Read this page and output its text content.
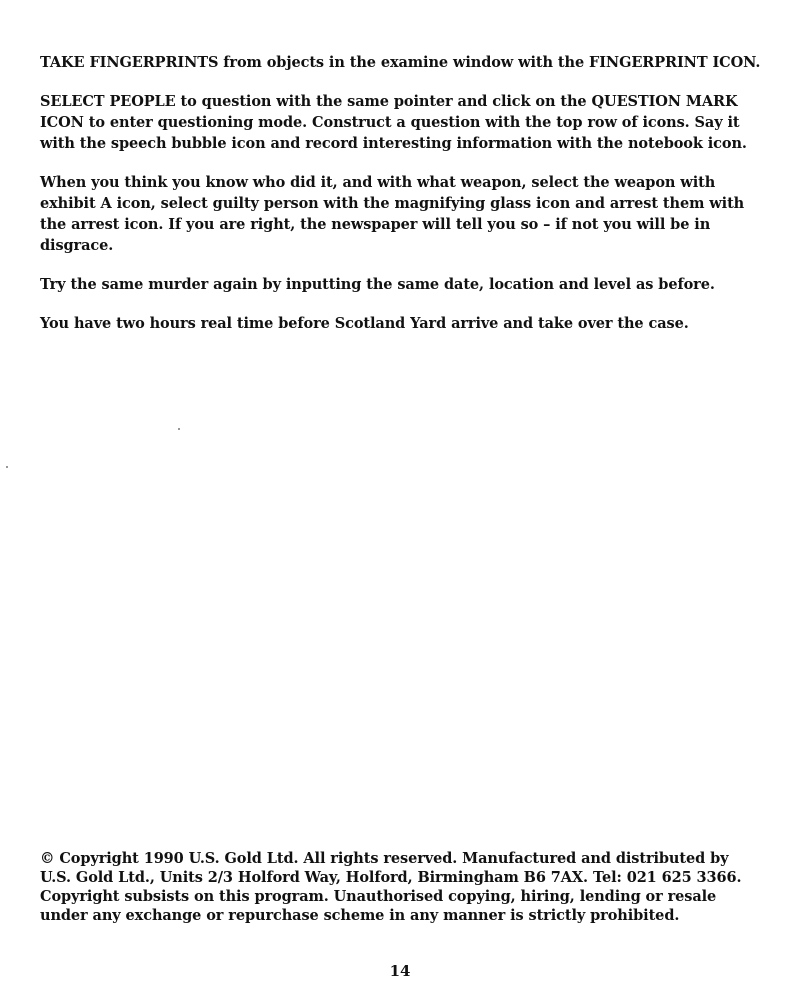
TAKE FINGERPRINTS from objects in the examine window with the FINGERPRINT ICON.

SELECT PEOPLE to question with the same pointer and click on the QUESTION MARK ICON to enter questioning mode. Construct a question with the top row of icons. Say it with the speech bubble icon and record interesting information with the notebook icon.

When you think you know who did it, and with what weapon, select the weapon with exhibit A icon, select guilty person with the magnifying glass icon and arrest them with the arrest icon. If you are right, the newspaper will tell you so – if not you will be in disgrace.

Try the same murder again by inputting the same date, location and level as before.

You have two hours real time before Scotland Yard arrive and take over the case.

© Copyright 1990 U.S. Gold Ltd. All rights reserved. Manufactured and distributed by U.S. Gold Ltd., Units 2/3 Holford Way, Holford, Birmingham B6 7AX. Tel: 021 625 3366. Copyright subsists on this program. Unauthorised copying, hiring, lending or resale under any exchange or repurchase scheme in any manner is strictly prohibited.

14
